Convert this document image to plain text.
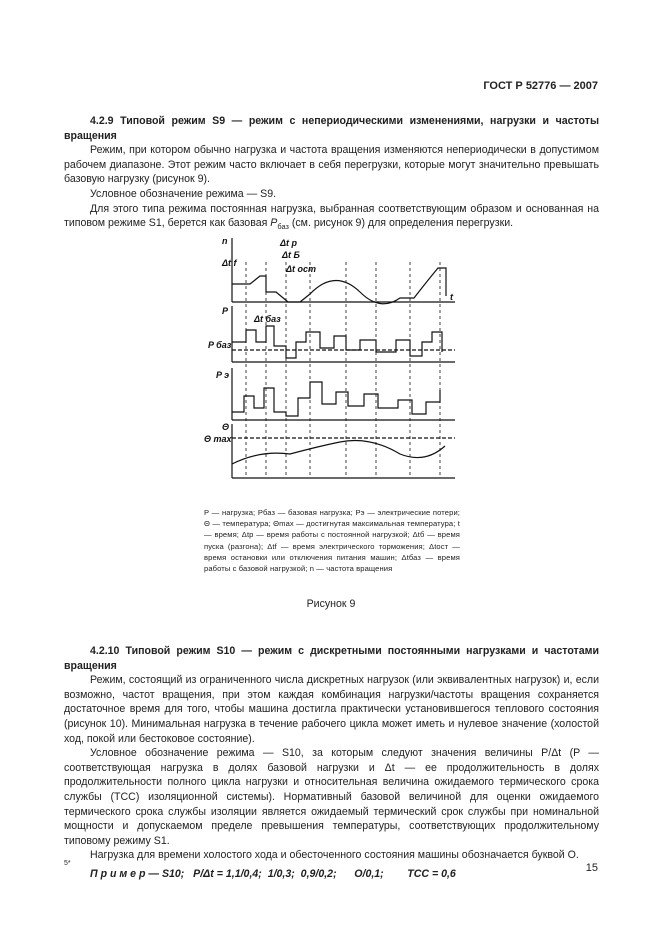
ГОСТ Р 52776 — 2007

4.2.9 Типовой режим S9 — режим с непериодическими изменениями, нагрузки и частоты вращения

Режим, при котором обычно нагрузка и частота вращения изменяются непериодически в допустимом рабочем диапазоне. Этот режим часто включает в себя перегрузки, которые могут значительно превышать базовую нагрузку (рисунок 9).

Условное обозначение режима — S9.

Для этого типа режима постоянная нагрузка, выбранная соответствующим образом и основанная на типовом режиме S1, берется как базовая $P_{баз}$ (см. рисунок 9) для определения перегрузки.

n
P
P баз
P э
Θ
Θ max
t
Δt p
Δt Б
Δt f
Δt ост
Δt баз
P — нагрузка; Pбаз — базовая нагрузка; Pэ — электрические потери; Θ — температура; Θmax — достигнутая максимальная температура; t — время; Δtp — время работы с постоянной нагрузкой; Δtб — время пуска (разгона); Δtf — время электрического торможения; Δtост — время остановки или отключения питания машин; Δtбаз — время работы с базовой нагрузкой; n — частота вращения
Рисунок 9

4.2.10 Типовой режим S10 — режим с дискретными постоянными нагрузками и частотами вращения

Режим, состоящий из ограниченного числа дискретных нагрузок (или эквивалентных нагрузок) и, если возможно, частот вращения, при этом каждая комбинация нагрузки/частоты вращения сохраняется достаточное время для того, чтобы машина достигла практически установившегося теплового состояния (рисунок 10). Минимальная нагрузка в течение рабочего цикла может иметь и нулевое значение (холостой ход, покой или бестоковое состояние).

Условное обозначение режима — S10, за которым следуют значения величины P/Δt (P — соответствующая нагрузка в долях базовой нагрузки и Δt — ее продолжительность в долях продолжительности полного цикла нагрузки и относительная величина ожидаемого термического срока службы (ТСС) изоляционной системы). Нормативный базовой величиной для оценки ожидаемого термического срока службы изоляции является ожидаемый термический срок службы при номинальной мощности и допускаемом пределе превышения температуры, соответствующих продолжительному типовому режиму S1.

Нагрузка для времени холостого хода и обесточенного состояния машины обозначается буквой О.

П р и м е р — S10;   P/Δt = 1,1/0,4;  1/0,3;  0,9/0,2;      O/0,1;        ТСС = 0,6

5*	15
